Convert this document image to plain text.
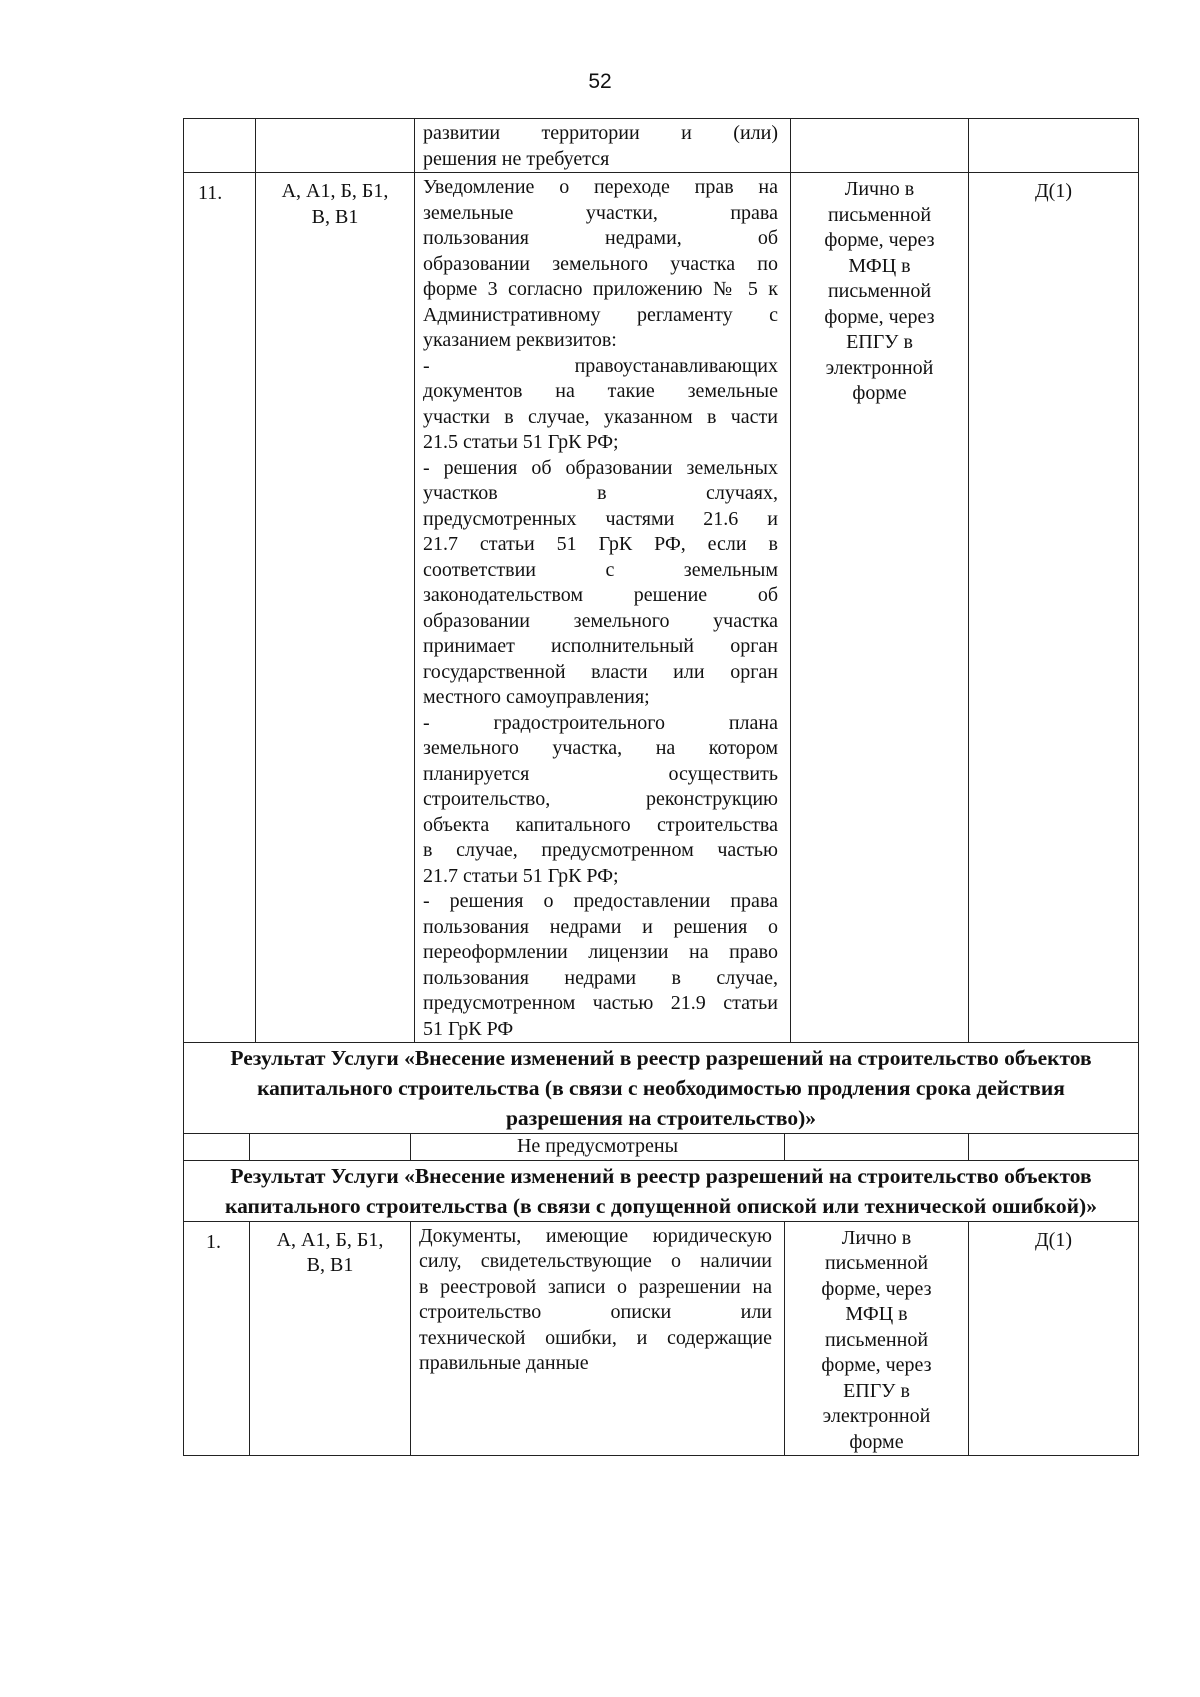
52
развитии территории и (или)
решения не требуется
11.	А, А1, Б, Б1, В, В1
Уведомление о переходе прав на
земельные участки, права
пользования недрами, об
образовании земельного участка по
форме 3 согласно приложению № 5 к
Административному регламенту с
указанием реквизитов:
- правоустанавливающих
документов на такие земельные
участки в случае, указанном в части
21.5 статьи 51 ГрК РФ;
- решения об образовании земельных
участков в случаях,
предусмотренных частями 21.6 и
21.7 статьи 51 ГрК РФ, если в
соответствии с земельным
законодательством решение об
образовании земельного участка
принимает исполнительный орган
государственной власти или орган
местного самоуправления;
- градостроительного плана
земельного участка, на котором
планируется осуществить
строительство, реконструкцию
объекта капитального строительства
в случае, предусмотренном частью
21.7 статьи 51 ГрК РФ;
- решения о предоставлении права
пользования недрами и решения о
переоформлении лицензии на право
пользования недрами в случае,
предусмотренном частью 21.9 статьи
51 ГрК РФ
Лично в
письменной
форме, через
МФЦ в
письменной
форме, через
ЕПГУ в
электронной
форме
Д(1)
Результат Услуги «Внесение изменений в реестр разрешений на строительство объектов капитального строительства (в связи с необходимостью продления срока действия разрешения на строительство)»
Не предусмотрены
Результат Услуги «Внесение изменений в реестр разрешений на строительство объектов капитального строительства (в связи с допущенной опиской или технической ошибкой)»
1.	А, А1, Б, Б1, В, В1
Документы, имеющие юридическую
силу, свидетельствующие о наличии
в реестровой записи о разрешении на
строительство описки или
технической ошибки, и содержащие
правильные данные
Лично в
письменной
форме, через
МФЦ в
письменной
форме, через
ЕПГУ в
электронной
форме
Д(1)
